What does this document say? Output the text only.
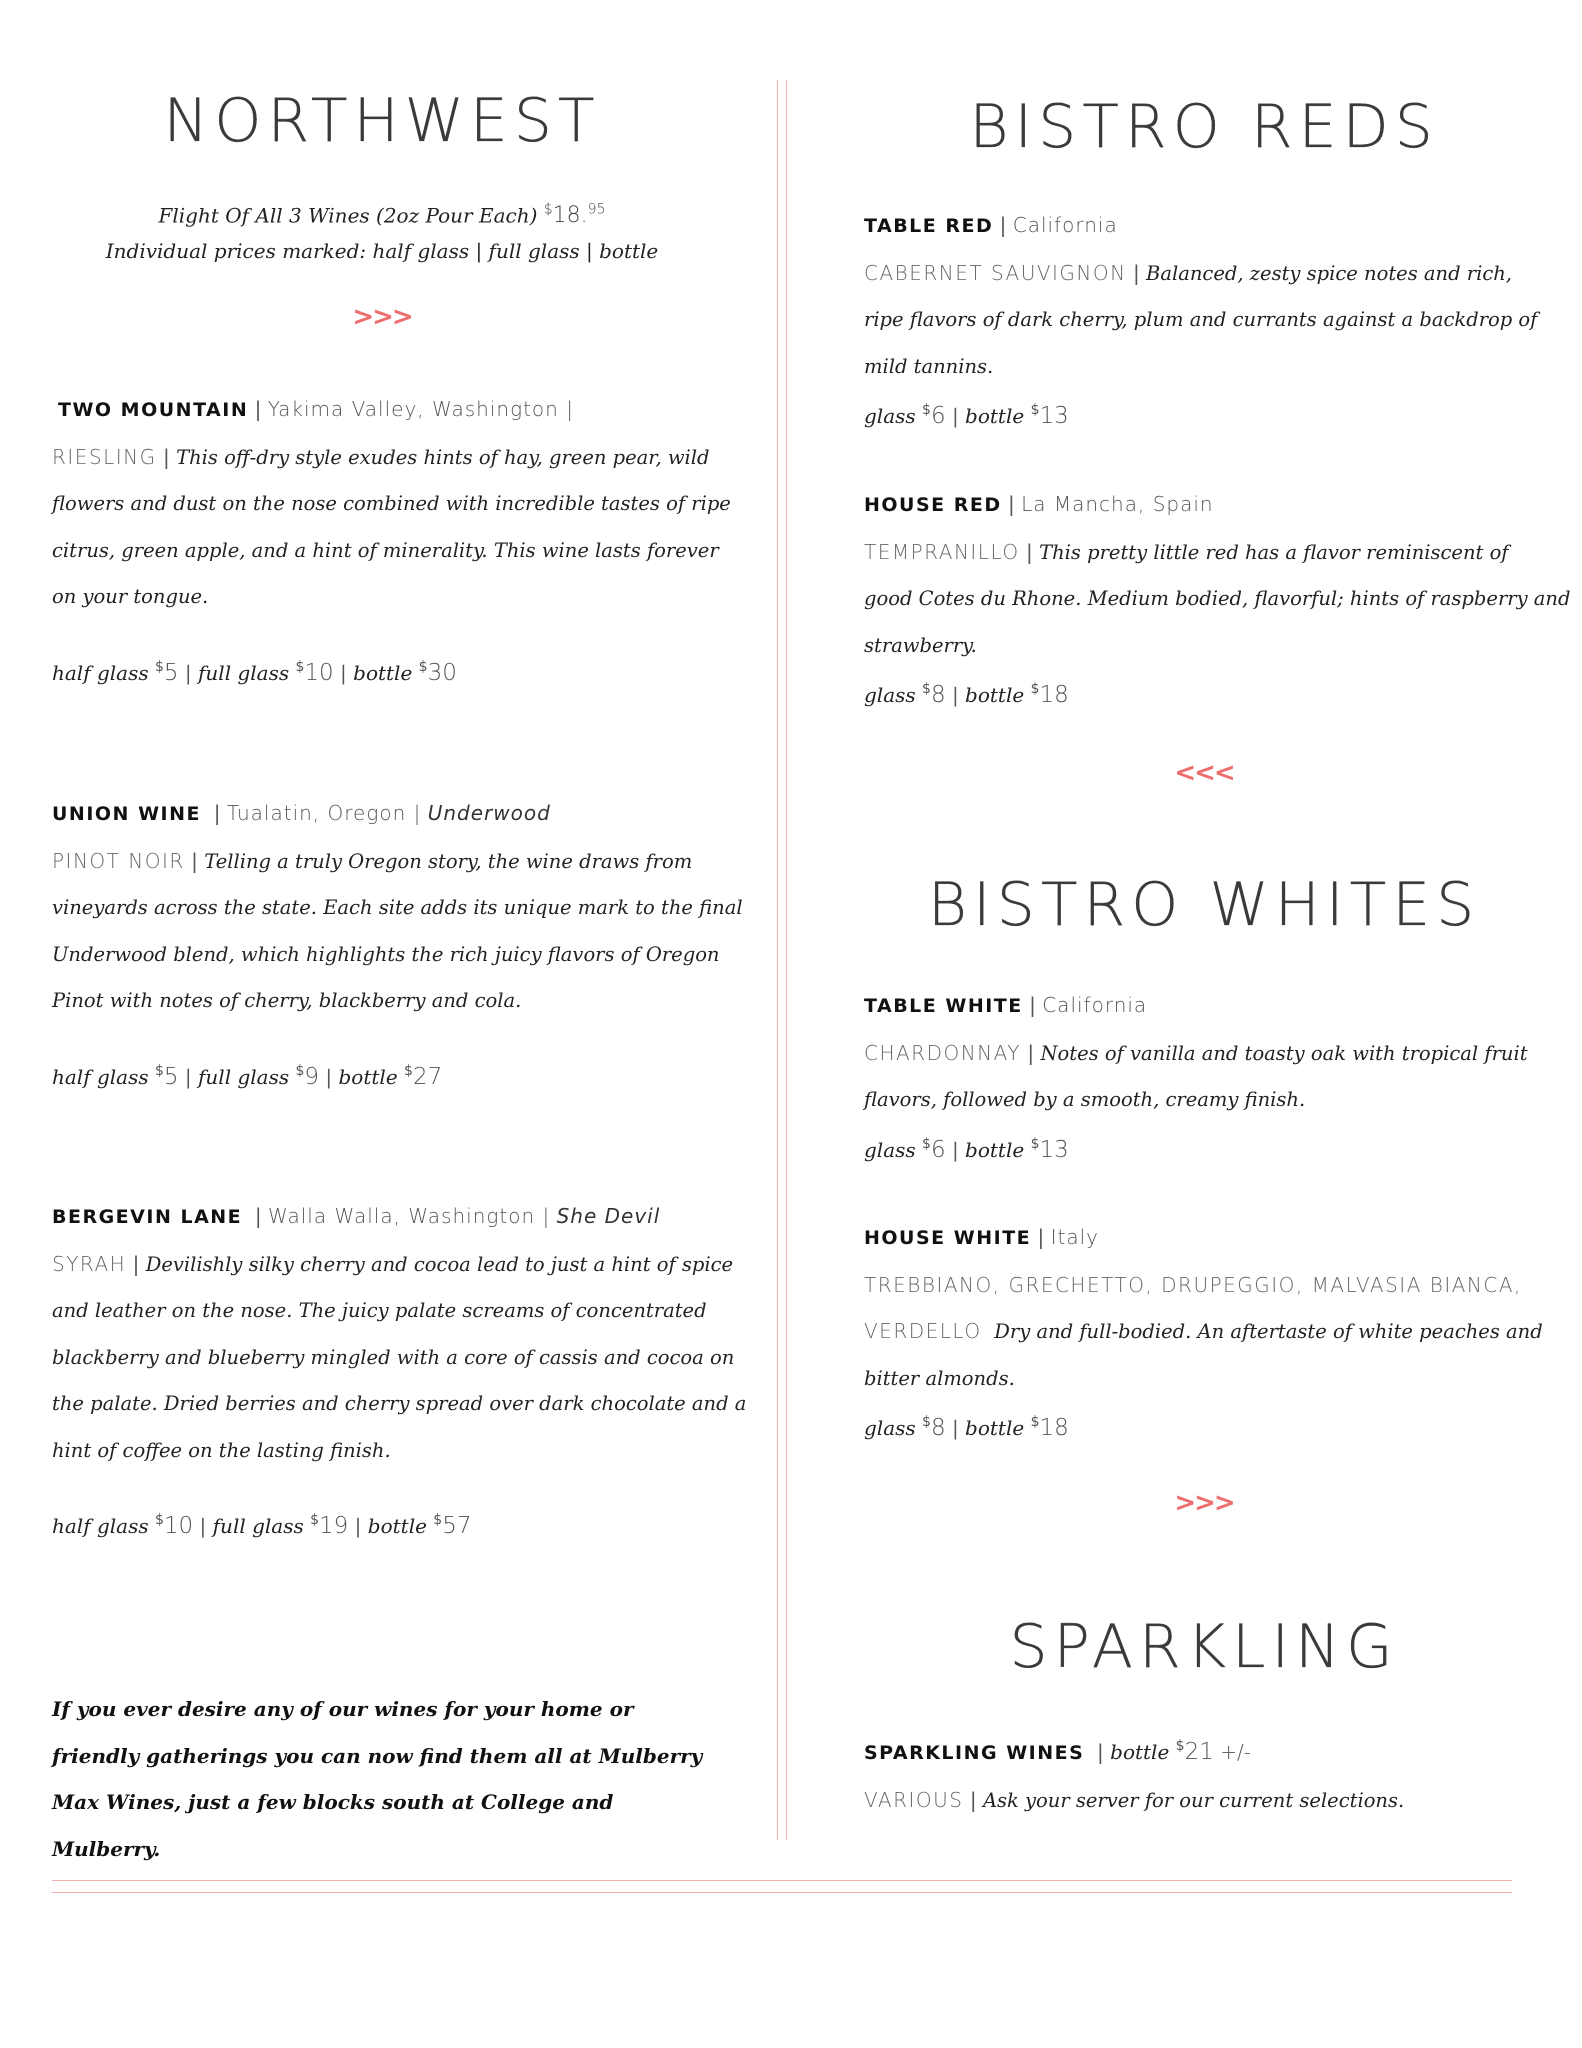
NORTHWEST
Flight Of All 3 Wines (2oz Pour Each) $18.95
Individual prices marked: half glass | full glass | bottle
>>>
TWO MOUNTAIN | Yakima Valley, Washington |
RIESLING | This off-dry style exudes hints of hay, green pear, wild
flowers and dust on the nose combined with incredible tastes of ripe
citrus, green apple, and a hint of minerality. This wine lasts forever
on your tongue.
half glass $5 | full glass $10 | bottle $30
UNION WINE | Tualatin, Oregon | Underwood
PINOT NOIR | Telling a truly Oregon story, the wine draws from
vineyards across the state. Each site adds its unique mark to the final
Underwood blend, which highlights the rich juicy flavors of Oregon
Pinot with notes of cherry, blackberry and cola.
half glass $5 | full glass $9 | bottle $27
BERGEVIN LANE | Walla Walla, Washington | She Devil
SYRAH | Devilishly silky cherry and cocoa lead to just a hint of spice
and leather on the nose. The juicy palate screams of concentrated
blackberry and blueberry mingled with a core of cassis and cocoa on
the palate. Dried berries and cherry spread over dark chocolate and a
hint of coffee on the lasting finish.
half glass $10 | full glass $19 | bottle $57
If you ever desire any of our wines for your home or
friendly gatherings you can now find them all at Mulberry
Max Wines, just a few blocks south at College and Mulberry.
BISTRO REDS
TABLE RED | California
CABERNET SAUVIGNON | Balanced, zesty spice notes and rich,
ripe flavors of dark cherry, plum and currants against a backdrop of
mild tannins.
glass $6 | bottle $13
HOUSE RED | La Mancha, Spain
TEMPRANILLO | This pretty little red has a flavor reminiscent of
good Cotes du Rhone. Medium bodied, flavorful; hints of raspberry and
strawberry.
glass $8 | bottle $18
<<<
BISTRO WHITES
TABLE WHITE | California
CHARDONNAY | Notes of vanilla and toasty oak with tropical fruit
flavors, followed by a smooth, creamy finish.
glass $6 | bottle $13
HOUSE WHITE | Italy
TREBBIANO, GRECHETTO, DRUPEGGIO, MALVASIA BIANCA,
VERDELLO Dry and full-bodied. An aftertaste of white peaches and
bitter almonds.
glass $8 | bottle $18
>>>
SPARKLING
SPARKLING WINES | bottle $21 +/-
VARIOUS | Ask your server for our current selections.
